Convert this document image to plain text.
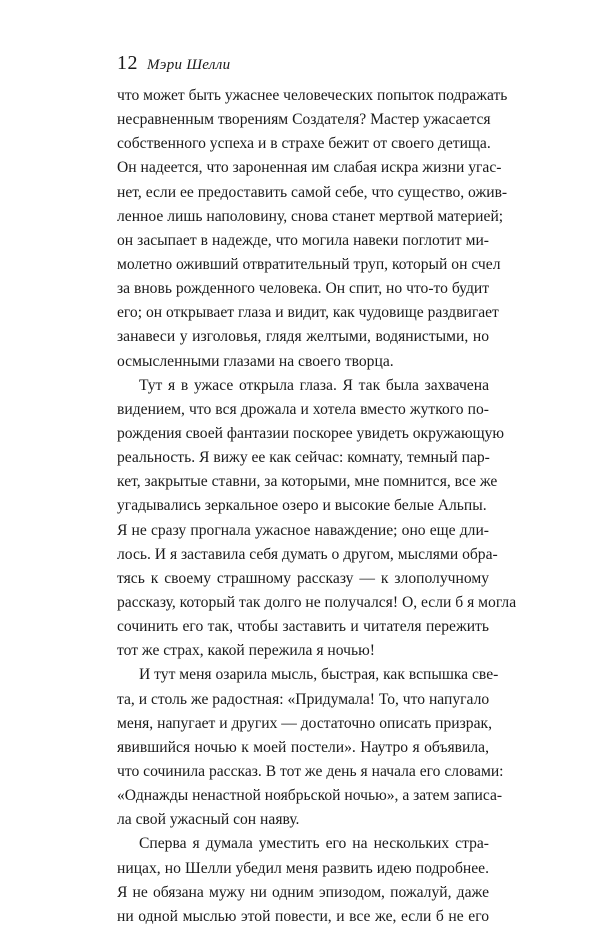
12 Мэри Шелли
что может быть ужаснее человеческих попыток подражать
несравненным творениям Создателя? Мастер ужасается
собственного успеха и в страхе бежит от своего детища.
Он надеется, что зароненная им слабая искра жизни угас-
нет, если ее предоставить самой себе, что существо, ожив-
ленное лишь наполовину, снова станет мертвой материей;
он засыпает в надежде, что могила навеки поглотит ми-
молетно оживший отвратительный труп, который он счел
за вновь рожденного человека. Он спит, но что-то будит
его; он открывает глаза и видит, как чудовище раздвигает
занавеси у изголовья, глядя желтыми, водянистыми, но
осмысленными глазами на своего творца.
Тут я в ужасе открыла глаза. Я так была захвачена
видением, что вся дрожала и хотела вместо жуткого по-
рождения своей фантазии поскорее увидеть окружающую
реальность. Я вижу ее как сейчас: комнату, темный пар-
кет, закрытые ставни, за которыми, мне помнится, все же
угадывались зеркальное озеро и высокие белые Альпы.
Я не сразу прогнала ужасное наваждение; оно еще дли-
лось. И я заставила себя думать о другом, мыслями обра-
тясь к своему страшному рассказу — к злополучному
рассказу, который так долго не получался! О, если б я могла
сочинить его так, чтобы заставить и читателя пережить
тот же страх, какой пережила я ночью!
И тут меня озарила мысль, быстрая, как вспышка све-
та, и столь же радостная: «Придумала! То, что напугало
меня, напугает и других — достаточно описать призрак,
явившийся ночью к моей постели». Наутро я объявила,
что сочинила рассказ. В тот же день я начала его словами:
«Однажды ненастной ноябрьской ночью», а затем записа-
ла свой ужасный сон наяву.
Сперва я думала уместить его на нескольких стра-
ницах, но Шелли убедил меня развить идею подробнее.
Я не обязана мужу ни одним эпизодом, пожалуй, даже
ни одной мыслью этой повести, и все же, если б не его
